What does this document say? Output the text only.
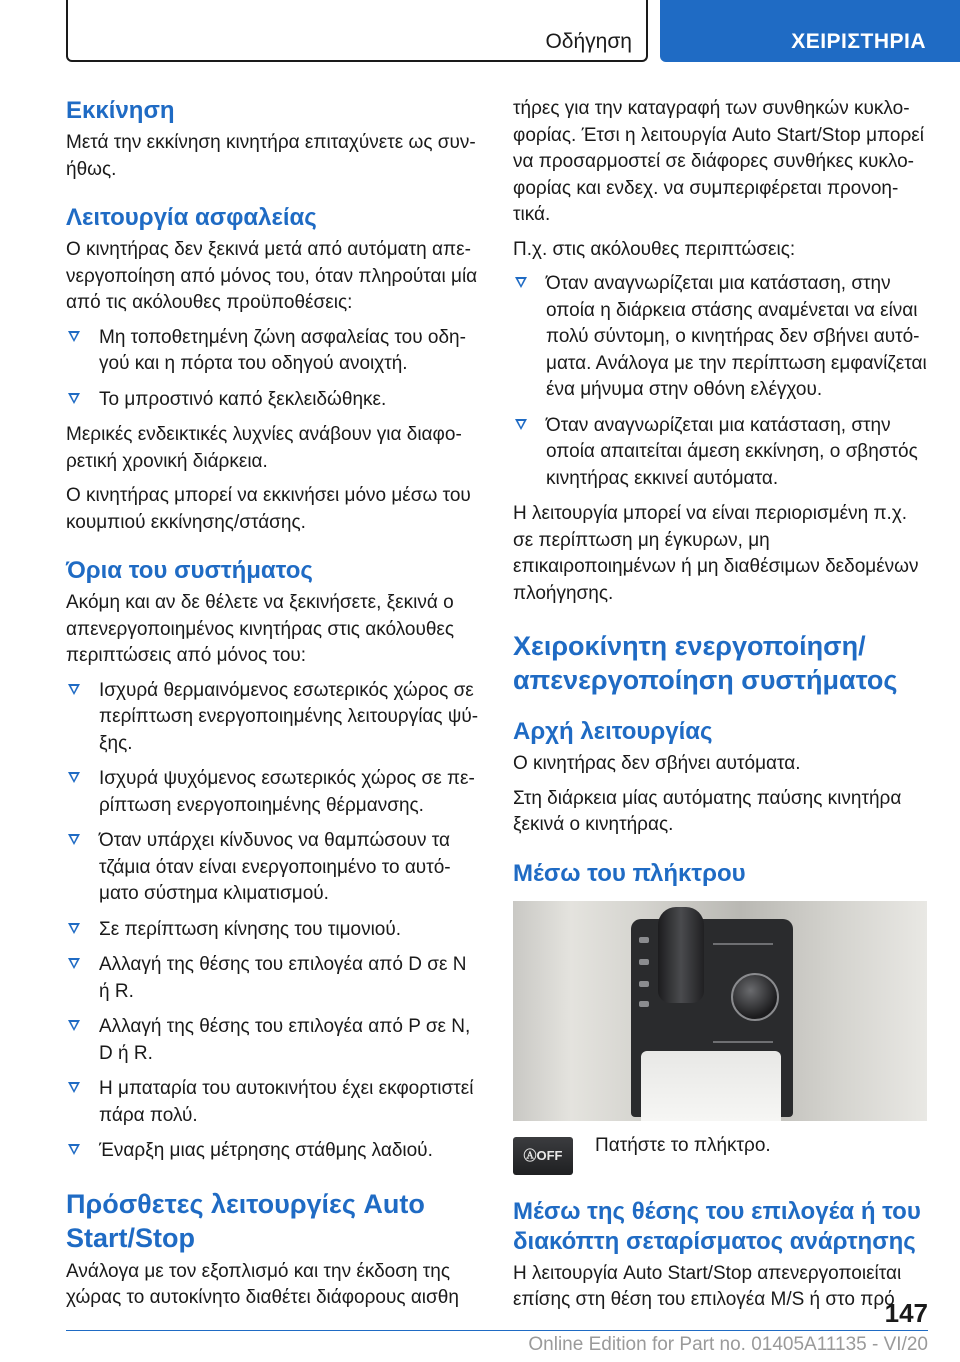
Οδήγηση	ΧΕΙΡΙΣΤΗΡΙΑ
Εκκίνηση

Μετά την εκκίνηση κινητήρα επιταχύνετε ως συνήθως.

Λειτουργία ασφαλείας

Ο κινητήρας δεν ξεκινά μετά από αυτόματη απενεργοποίηση από μόνος του, όταν πληρούται μία από τις ακόλουθες προϋποθέσεις:

Μη τοποθετημένη ζώνη ασφαλείας του οδηγού και η πόρτα του οδηγού ανοιχτή.
Το μπροστινό καπό ξεκλειδώθηκε.

Μερικές ενδεικτικές λυχνίες ανάβουν για διαφορετική χρονική διάρκεια.

Ο κινητήρας μπορεί να εκκινήσει μόνο μέσω του κουμπιού εκκίνησης/στάσης.

Όρια του συστήματος

Ακόμη και αν δε θέλετε να ξεκινήσετε, ξεκινά ο απενεργοποιημένος κινητήρας στις ακόλουθες περιπτώσεις από μόνος του:

Ισχυρά θερμαινόμενος εσωτερικός χώρος σε περίπτωση ενεργοποιημένης λειτουργίας ψύξης.
Ισχυρά ψυχόμενος εσωτερικός χώρος σε περίπτωση ενεργοποιημένης θέρμανσης.
Όταν υπάρχει κίνδυνος να θαμπώσουν τα τζάμια όταν είναι ενεργοποιημένο το αυτόματο σύστημα κλιματισμού.
Σε περίπτωση κίνησης του τιμονιού.
Αλλαγή της θέσης του επιλογέα από D σε N ή R.
Αλλαγή της θέσης του επιλογέα από P σε N, D ή R.
Η μπαταρία του αυτοκινήτου έχει εκφορτιστεί πάρα πολύ.
Έναρξη μιας μέτρησης στάθμης λαδιού.
Πρόσθετες λειτουργίες Auto Start/Stop

Ανάλογα με τον εξοπλισμό και την έκδοση της χώρας το αυτοκίνητο διαθέτει διάφορους αισθη

τήρες για την καταγραφή των συνθηκών κυκλοφορίας. Έτσι η λειτουργία Auto Start/Stop μπορεί να προσαρμοστεί σε διάφορες συνθήκες κυκλοφορίας και ενδεχ. να συμπεριφέρεται προνοητικά.

Π.χ. στις ακόλουθες περιπτώσεις:

Όταν αναγνωρίζεται μια κατάσταση, στην οποία η διάρκεια στάσης αναμένεται να είναι πολύ σύντομη, ο κινητήρας δεν σβήνει αυτόματα. Ανάλογα με την περίπτωση εμφανίζεται ένα μήνυμα στην οθόνη ελέγχου.
Όταν αναγνωρίζεται μια κατάσταση, στην οποία απαιτείται άμεση εκκίνηση, ο σβηστός κινητήρας εκκινεί αυτόματα.

Η λειτουργία μπορεί να είναι περιορισμένη π.χ. σε περίπτωση μη έγκυρων, μη επικαιροποιημένων ή μη διαθέσιμων δεδομένων πλοήγησης.

Χειροκίνητη ενεργοποίηση/ απενεργοποίηση συστήματος
Αρχή λειτουργίας

Ο κινητήρας δεν σβήνει αυτόματα.

Στη διάρκεια μίας αυτόματης παύσης κινητήρα ξεκινά ο κινητήρας.

Μέσω του πλήκτρου
ⒶOFF	Πατήστε το πλήκτρο.
Μέσω της θέσης του επιλογέα ή του διακόπτη σεταρίσματος ανάρτησης

Η λειτουργία Auto Start/Stop απενεργοποιείται επίσης στη θέση του επιλογέα M/S ή στο πρό

147
Online Edition for Part no. 01405A11135 - VI/20
